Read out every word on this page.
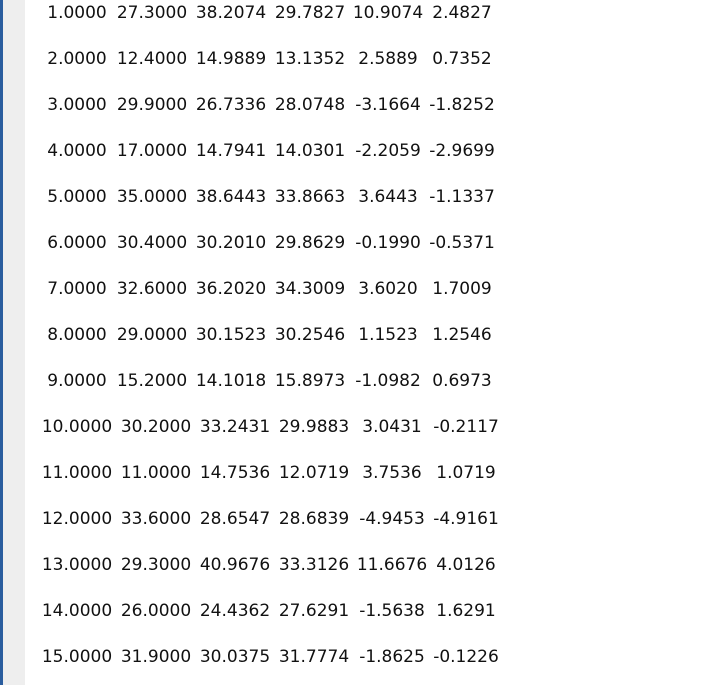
1.0000 27.3000 38.2074 29.7827 10.9074 2.4827
2.0000 12.4000 14.9889 13.1352 2.5889 0.7352
3.0000 29.9000 26.7336 28.0748 -3.1664 -1.8252
4.0000 17.0000 14.7941 14.0301 -2.2059 -2.9699
5.0000 35.0000 38.6443 33.8663 3.6443 -1.1337
6.0000 30.4000 30.2010 29.8629 -0.1990 -0.5371
7.0000 32.6000 36.2020 34.3009 3.6020 1.7009
8.0000 29.0000 30.1523 30.2546 1.1523 1.2546
9.0000 15.2000 14.1018 15.8973 -1.0982 0.6973
10.0000 30.2000 33.2431 29.9883 3.0431 -0.2117
11.0000 11.0000 14.7536 12.0719 3.7536 1.0719
12.0000 33.6000 28.6547 28.6839 -4.9453 -4.9161
13.0000 29.3000 40.9676 33.3126 11.6676 4.0126
14.0000 26.0000 24.4362 27.6291 -1.5638 1.6291
15.0000 31.9000 30.0375 31.7774 -1.8625 -0.1226
